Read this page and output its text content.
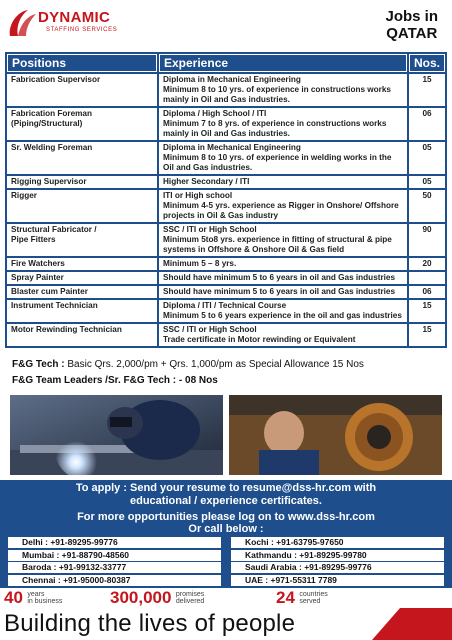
DYNAMIC
STAFFING SERVICES
Jobs in
QATAR
Positions	Experience	Nos.

Fabrication Supervisor	Diploma in Mechanical Engineering
Minimum 8 to 10 yrs. of experience in constructions works mainly in Oil and Gas industries.	15

Fabrication Foreman
(Piping/Structural)	Diploma / High School / ITI
Minimum 7 to 8 yrs. of experience in constructions works mainly in Oil and Gas industries.	06

Sr. Welding Foreman	Diploma in Mechanical Engineering
Minimum 8 to 10 yrs. of experience in welding works in the Oil and Gas industries.	05

Rigging Supervisor	Higher Secondary / ITI	05

Rigger	ITI or High school
Minimum 4-5 yrs. experience as Rigger in Onshore/ Offshore projects in Oil & Gas industry	50

Structural Fabricator /
Pipe Fitters	SSC / ITI or High School
Minimum 5to8 yrs. experience in fitting of structural & pipe systems in Offshore & Onshore Oil & Gas field	90

Fire Watchers	Minimum 5 – 8 yrs.	20

Spray Painter	Should have minimum 5 to 6 years in oil and Gas industries	

Blaster cum Painter	Should have minimum 5 to 6 years in oil and Gas industries	06

Instrument Technician	Diploma / ITI / Technical Course
Minimum 5 to 6 years experience in the oil and gas industries	15

Motor Rewinding Technician	SSC / ITI or High School
Trade certificate in Motor rewinding or Equivalent	15
F&G Tech : Basic Qrs. 2,000/pm + Qrs. 1,000/pm as Special Allowance 15 Nos
F&G Team Leaders /Sr. F&G Tech : - 08 Nos
To apply : Send your resume to resume@dss-hr.com with
educational / experience certificates.
For more opportunities please log on to www.dss-hr.com
Or call below :
Delhi : +91-89295-99776
Mumbai : +91-88790-48560
Baroda : +91-99132-33777
Chennai : +91-95000-80387
Kochi : +91-63795-97650
Kathmandu : +91-89295-99780
Saudi Arabia : +91-89295-99776
UAE : +971-55311 7789
40 years
in business	300,000 promises
delivered	24 countries
served
Building the lives of people
